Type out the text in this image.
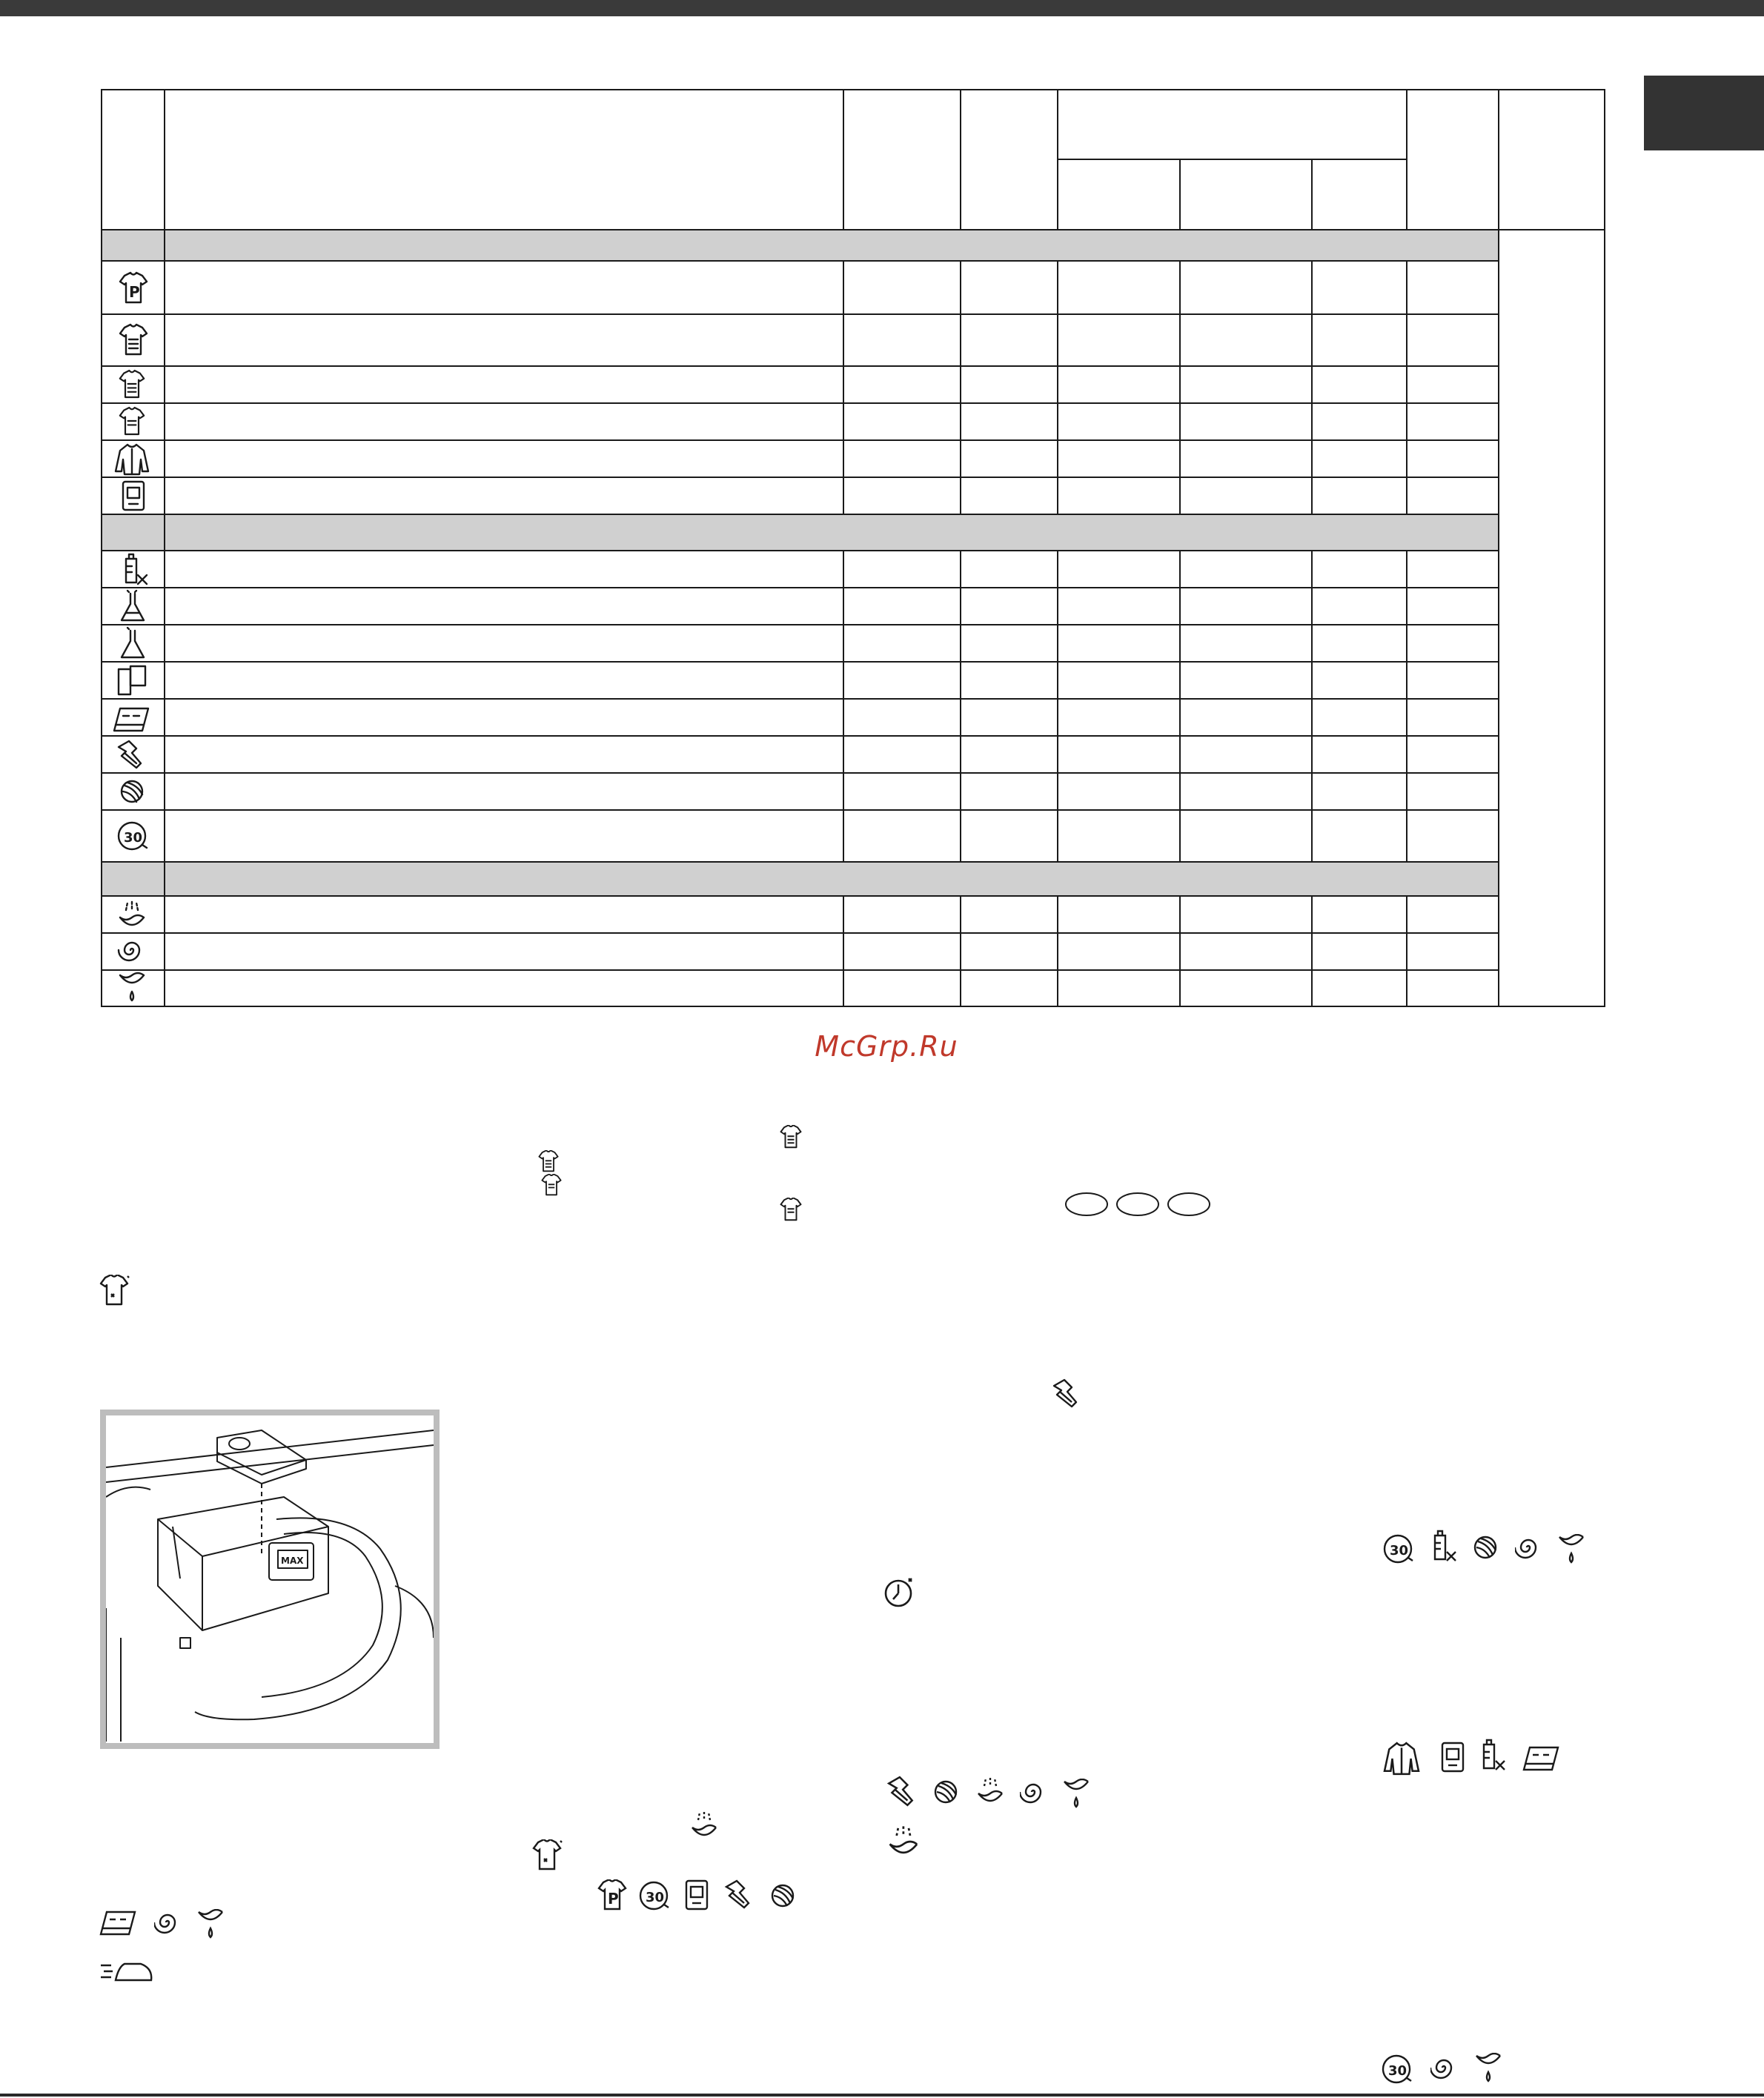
P
30
McGrp.Ru
MAX
30
P 30
30
